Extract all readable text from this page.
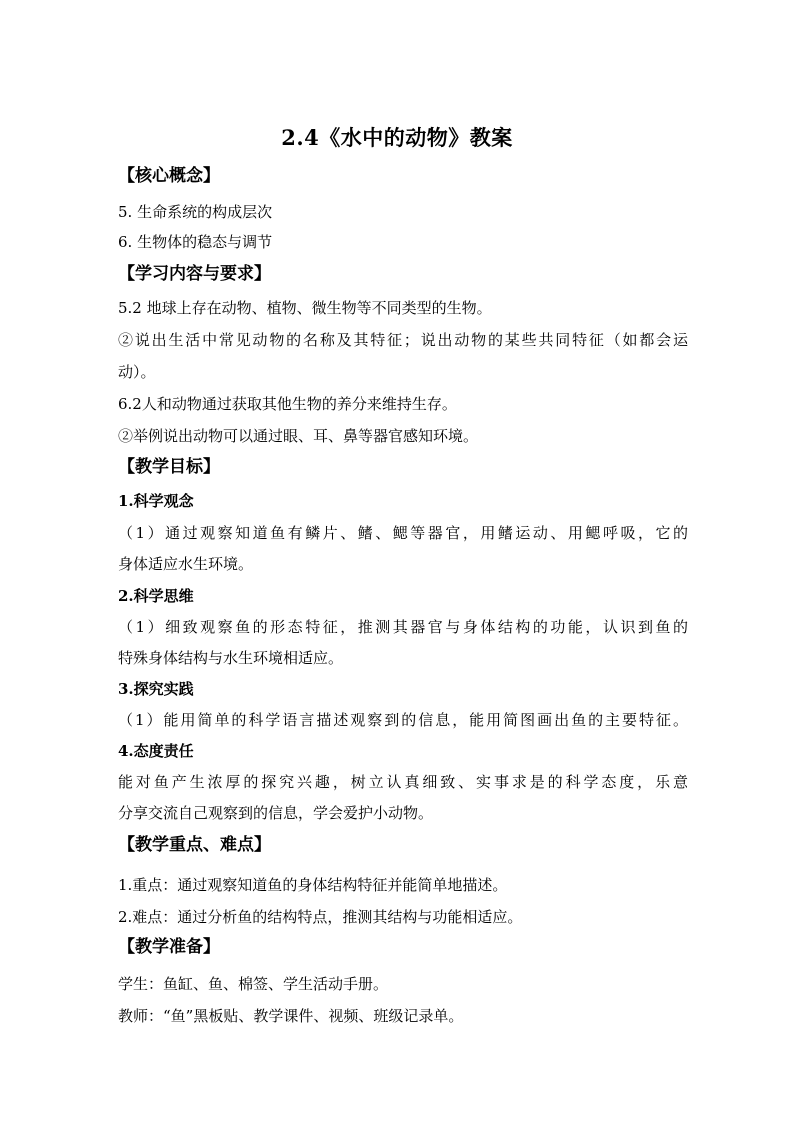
2.4《水中的动物》教案
【核心概念】
5. 生命系统的构成层次
6. 生物体的稳态与调节
【学习内容与要求】
5.2 地球上存在动物、植物、微生物等不同类型的生物。
②说出生活中常见动物的名称及其特征；说出动物的某些共同特征（如都会运
动）。
6.2人和动物通过获取其他生物的养分来维持生存。
②举例说出动物可以通过眼、耳、鼻等器官感知环境。
【教学目标】
1.科学观念
（1）通过观察知道鱼有鳞片、鳍、鳃等器官，用鳍运动、用鳃呼吸，它的
身体适应水生环境。
2.科学思维
（1）细致观察鱼的形态特征，推测其器官与身体结构的功能，认识到鱼的
特殊身体结构与水生环境相适应。
3.探究实践
（1）能用简单的科学语言描述观察到的信息，能用简图画出鱼的主要特征。
4.态度责任
能对鱼产生浓厚的探究兴趣，树立认真细致、实事求是的科学态度，乐意
分享交流自己观察到的信息，学会爱护小动物。
【教学重点、难点】
1.重点：通过观察知道鱼的身体结构特征并能简单地描述。
2.难点：通过分析鱼的结构特点，推测其结构与功能相适应。
【教学准备】
学生：鱼缸、鱼、棉签、学生活动手册。
教师：“鱼”黑板贴、教学课件、视频、班级记录单。
